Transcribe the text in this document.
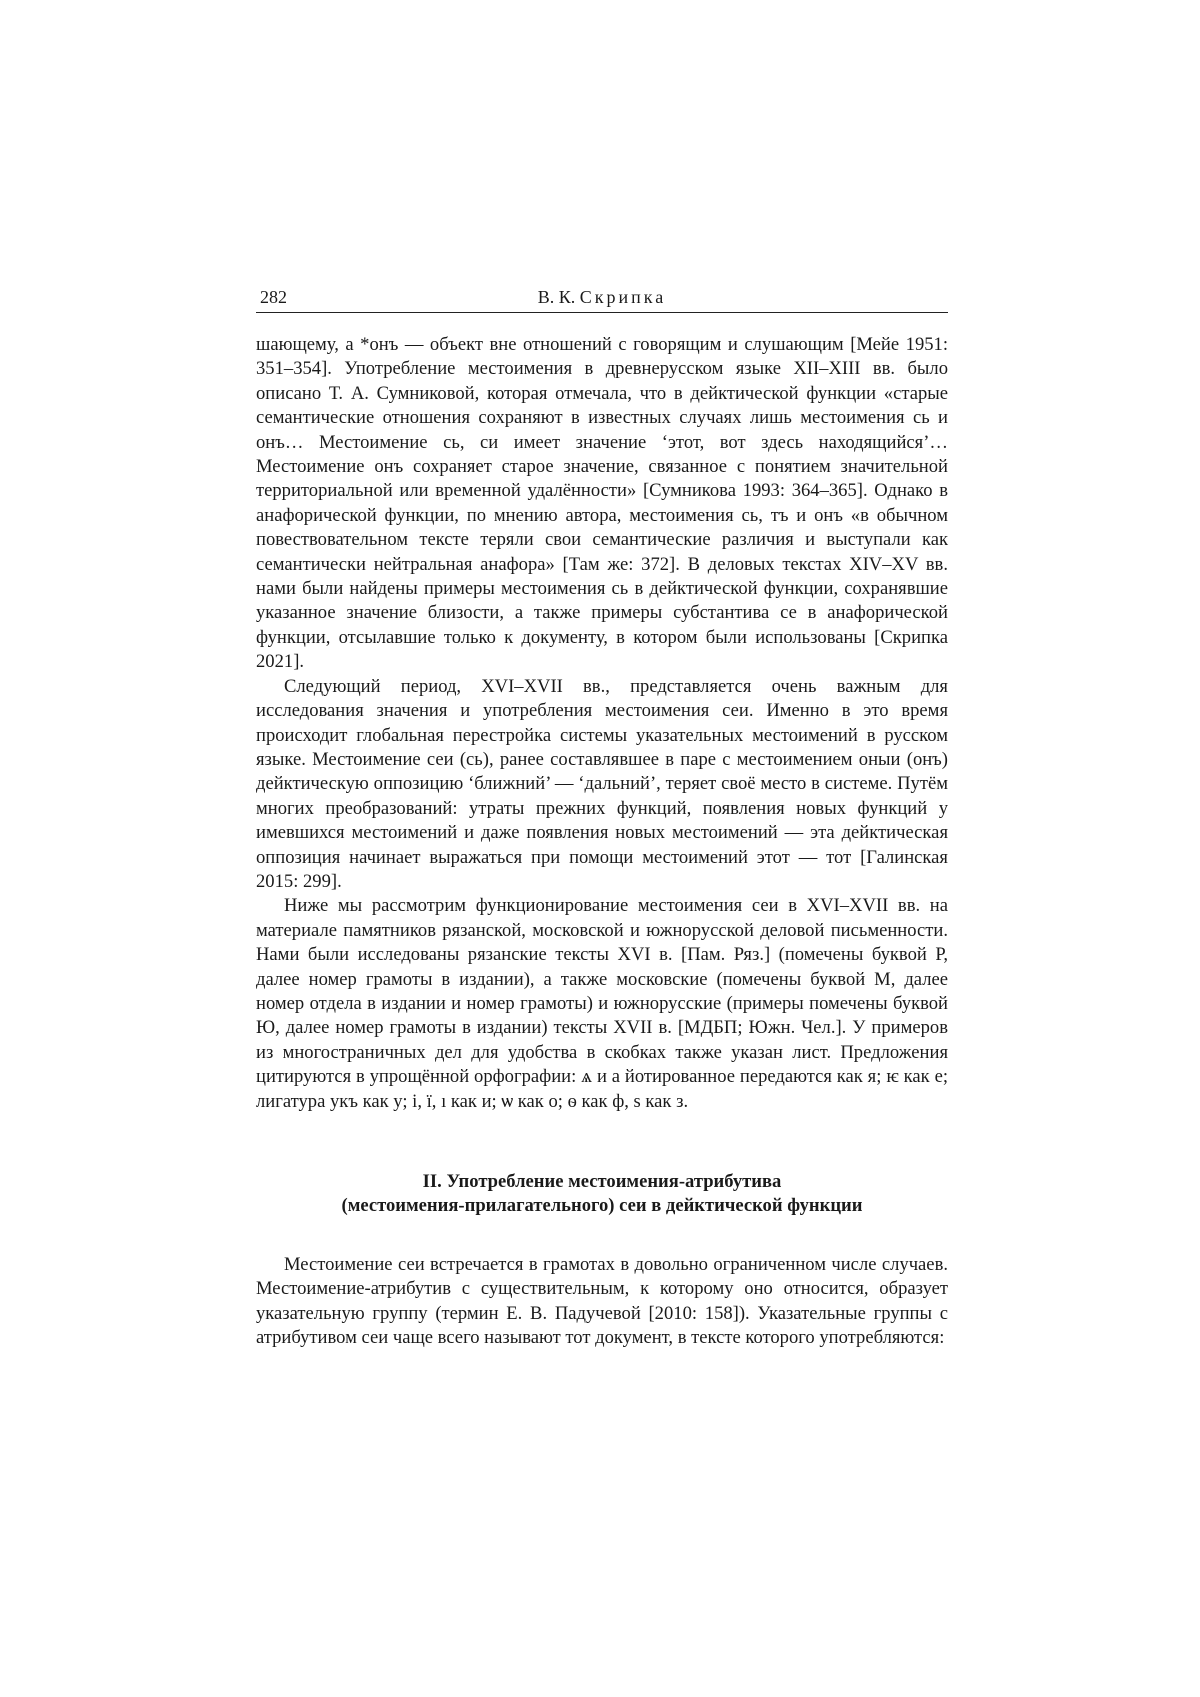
282	В. К. Скрипка

шающему, а *онъ — объект вне отношений с говорящим и слушающим [Мейе 1951: 351–354]. Употребление местоимения в древнерусском языке XII–XIII вв. было описано Т. А. Сумниковой, которая отмечала, что в дейктической функции «старые семантические отношения сохраняют в известных случаях лишь местоимения сь и онъ… Местоимение сь, си имеет значение ‘этот, вот здесь находящийся’… Местоимение онъ сохраняет старое значение, связанное с понятием значительной территориальной или временной удалённости» [Сумникова 1993: 364–365]. Однако в анафорической функции, по мнению автора, местоимения сь, тъ и онъ «в обычном повествовательном тексте теряли свои семантические различия и выступали как семантически нейтральная анафора» [Там же: 372]. В деловых текстах XIV–XV вв. нами были найдены примеры местоимения сь в дейктической функции, сохранявшие указанное значение близости, а также примеры субстантива се в анафорической функции, отсылавшие только к документу, в котором были использованы [Скрипка 2021].

Следующий период, XVI–XVII вв., представляется очень важным для исследования значения и употребления местоимения сеи. Именно в это время происходит глобальная перестройка системы указательных местоимений в русском языке. Местоимение сеи (сь), ранее составлявшее в паре с местоимением оныи (онъ) дейктическую оппозицию ‘ближний’ — ‘дальний’, теряет своё место в системе. Путём многих преобразований: утраты прежних функций, появления новых функций у имевшихся местоимений и даже появления новых местоимений — эта дейктическая оппозиция начинает выражаться при помощи местоимений этот — тот [Галинская 2015: 299].

Ниже мы рассмотрим функционирование местоимения сеи в XVI–XVII вв. на материале памятников рязанской, московской и южнорусской деловой письменности. Нами были исследованы рязанские тексты XVI в. [Пам. Ряз.] (помечены буквой Р, далее номер грамоты в издании), а также московские (помечены буквой М, далее номер отдела в издании и номер грамоты) и южнорусские (примеры помечены буквой Ю, далее номер грамоты в издании) тексты XVII в. [МДБП; Южн. Чел.]. У примеров из многостраничных дел для удобства в скобках также указан лист. Предложения цитируются в упрощённой орфографии: ѧ и а йотированное передаются как я; ѥ как е; лигатура укъ как у; і, ї, ı как и; ѡ как о; ѳ как ф, ѕ как з.

II. Употребление местоимения-атрибутива
(местоимения-прилагательного) сеи в дейктической функции

Местоимение сеи встречается в грамотах в довольно ограниченном числе случаев. Местоимение-атрибутив с существительным, к которому оно относится, образует указательную группу (термин Е. В. Падучевой [2010: 158]). Указательные группы с атрибутивом сеи чаще всего называют тот документ, в тексте которого употребляются:
